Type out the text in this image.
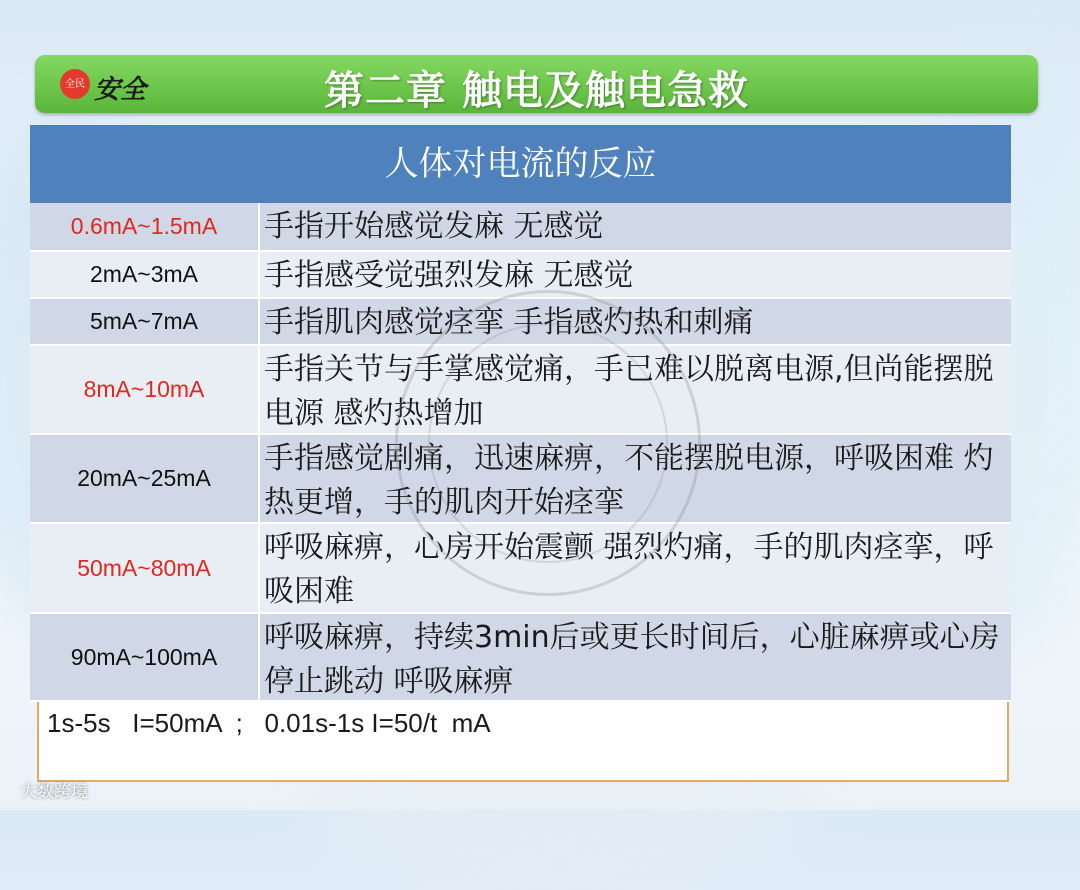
全民 安全	第二章 触电及触电急救
1s-5s   I=50mA  ;   0.01s-1s I=50/t  mA
人体对电流的反应
0.6mA~1.5mA	手指开始感觉发麻 无感觉
2mA~3mA	手指感受觉强烈发麻 无感觉
5mA~7mA	手指肌肉感觉痉挛 手指感灼热和刺痛
8mA~10mA
手指关节与手掌感觉痛，手已难以脱离电源,但尚能摆脱电源 感灼热增加
20mA~25mA
手指感觉剧痛，迅速麻痹，不能摆脱电源，呼吸困难 灼热更增，手的肌肉开始痉挛
50mA~80mA
呼吸麻痹，心房开始震颤 强烈灼痛，手的肌肉痉挛，呼吸困难
90mA~100mA
呼吸麻痹，持续3min后或更长时间后，心脏麻痹或心房停止跳动 呼吸麻痹
大数跨境
